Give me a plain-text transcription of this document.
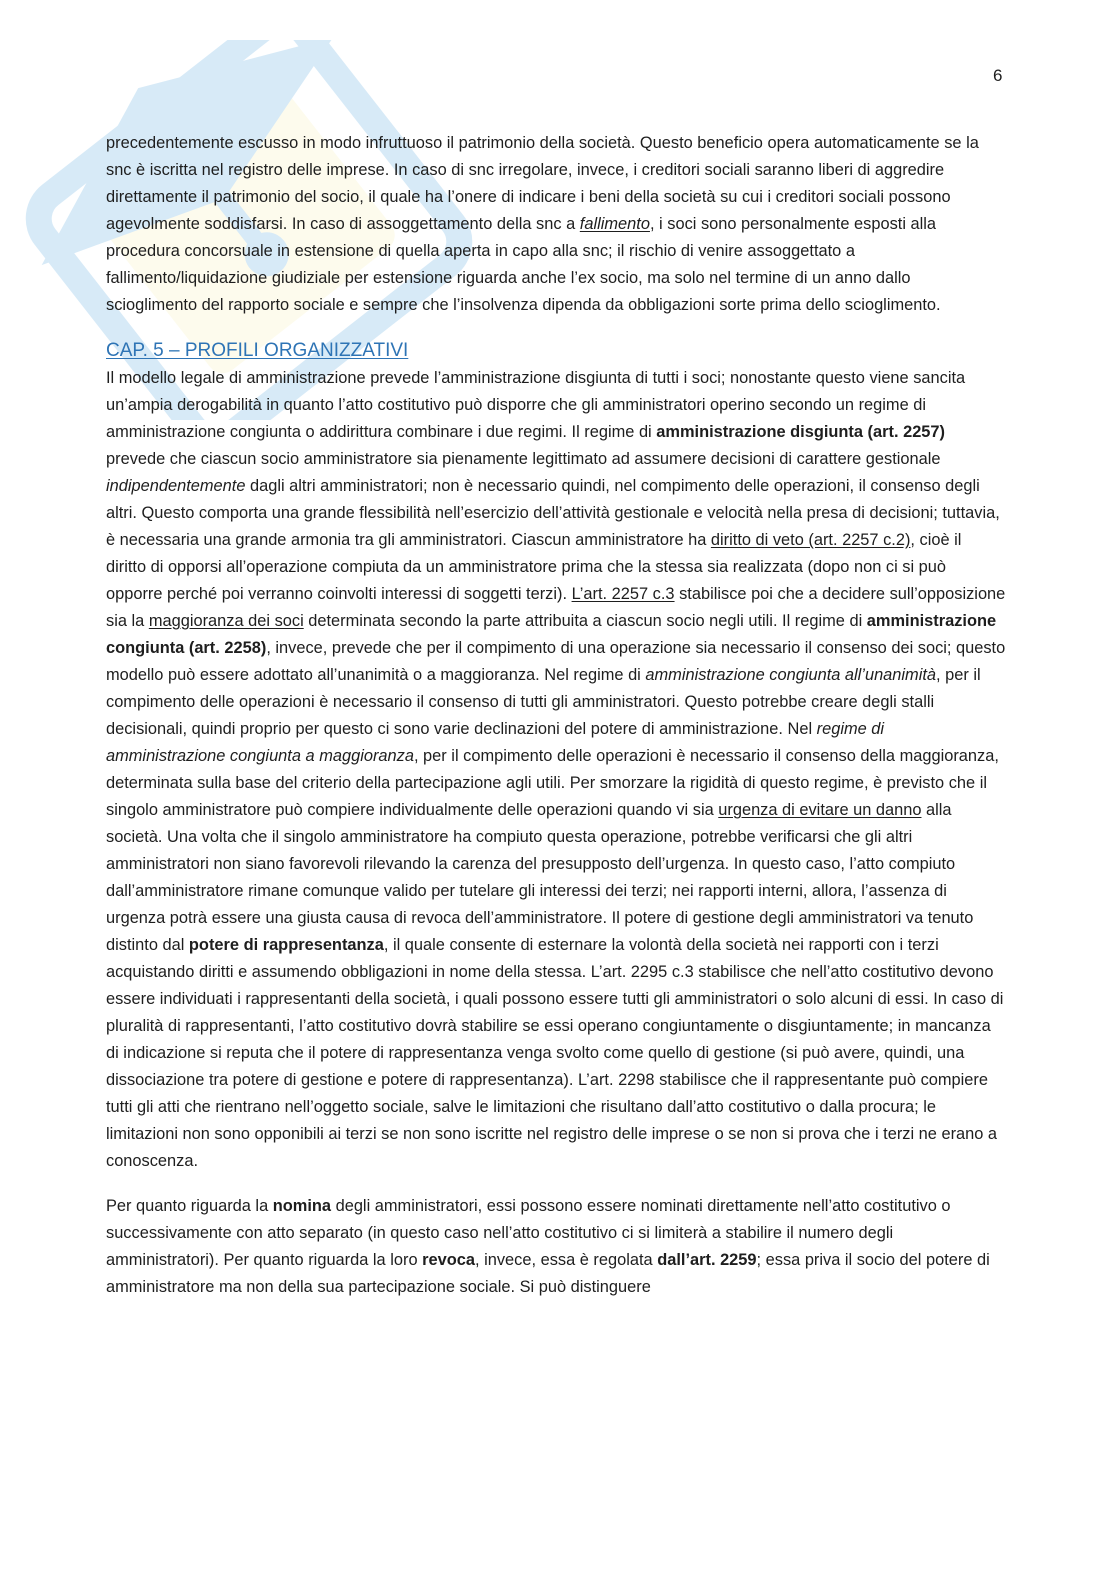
6

precedentemente escusso in modo infruttuoso il patrimonio della società. Questo beneficio opera automaticamente se la snc è iscritta nel registro delle imprese. In caso di snc irregolare, invece, i creditori sociali saranno liberi di aggredire direttamente il patrimonio del socio, il quale ha l’onere di indicare i beni della società su cui i creditori sociali possono agevolmente soddisfarsi. In caso di assoggettamento della snc a fallimento, i soci sono personalmente esposti alla procedura concorsuale in estensione di quella aperta in capo alla snc; il rischio di venire assoggettato a fallimento/liquidazione giudiziale per estensione riguarda anche l’ex socio, ma solo nel termine di un anno dallo scioglimento del rapporto sociale e sempre che l’insolvenza dipenda da obbligazioni sorte prima dello scioglimento.

CAP. 5 – PROFILI ORGANIZZATIVI

Il modello legale di amministrazione prevede l’amministrazione disgiunta di tutti i soci; nonostante questo viene sancita un’ampia derogabilità in quanto l’atto costitutivo può disporre che gli amministratori operino secondo un regime di amministrazione congiunta o addirittura combinare i due regimi. Il regime di amministrazione disgiunta (art. 2257) prevede che ciascun socio amministratore sia pienamente legittimato ad assumere decisioni di carattere gestionale indipendentemente dagli altri amministratori; non è necessario quindi, nel compimento delle operazioni, il consenso degli altri. Questo comporta una grande flessibilità nell’esercizio dell’attività gestionale e velocità nella presa di decisioni; tuttavia, è necessaria una grande armonia tra gli amministratori. Ciascun amministratore ha diritto di veto (art. 2257 c.2), cioè il diritto di opporsi all’operazione compiuta da un amministratore prima che la stessa sia realizzata (dopo non ci si può opporre perché poi verranno coinvolti interessi di soggetti terzi). L’art. 2257 c.3 stabilisce poi che a decidere sull’opposizione sia la maggioranza dei soci determinata secondo la parte attribuita a ciascun socio negli utili. Il regime di amministrazione congiunta (art. 2258), invece, prevede che per il compimento di una operazione sia necessario il consenso dei soci; questo modello può essere adottato all’unanimità o a maggioranza. Nel regime di amministrazione congiunta all’unanimità, per il compimento delle operazioni è necessario il consenso di tutti gli amministratori. Questo potrebbe creare degli stalli decisionali, quindi proprio per questo ci sono varie declinazioni del potere di amministrazione. Nel regime di amministrazione congiunta a maggioranza, per il compimento delle operazioni è necessario il consenso della maggioranza, determinata sulla base del criterio della partecipazione agli utili. Per smorzare la rigidità di questo regime, è previsto che il singolo amministratore può compiere individualmente delle operazioni quando vi sia urgenza di evitare un danno alla società. Una volta che il singolo amministratore ha compiuto questa operazione, potrebbe verificarsi che gli altri amministratori non siano favorevoli rilevando la carenza del presupposto dell’urgenza. In questo caso, l’atto compiuto dall’amministratore rimane comunque valido per tutelare gli interessi dei terzi; nei rapporti interni, allora, l’assenza di urgenza potrà essere una giusta causa di revoca dell’amministratore. Il potere di gestione degli amministratori va tenuto distinto dal potere di rappresentanza, il quale consente di esternare la volontà della società nei rapporti con i terzi acquistando diritti e assumendo obbligazioni in nome della stessa. L’art. 2295 c.3 stabilisce che nell’atto costitutivo devono essere individuati i rappresentanti della società, i quali possono essere tutti gli amministratori o solo alcuni di essi. In caso di pluralità di rappresentanti, l’atto costitutivo dovrà stabilire se essi operano congiuntamente o disgiuntamente; in mancanza di indicazione si reputa che il potere di rappresentanza venga svolto come quello di gestione (si può avere, quindi, una dissociazione tra potere di gestione e potere di rappresentanza). L’art. 2298 stabilisce che il rappresentante può compiere tutti gli atti che rientrano nell’oggetto sociale, salve le limitazioni che risultano dall’atto costitutivo o dalla procura; le limitazioni non sono opponibili ai terzi se non sono iscritte nel registro delle imprese o se non si prova che i terzi ne erano a conoscenza.

Per quanto riguarda la nomina degli amministratori, essi possono essere nominati direttamente nell’atto costitutivo o successivamente con atto separato (in questo caso nell’atto costitutivo ci si limiterà a stabilire il numero degli amministratori). Per quanto riguarda la loro revoca, invece, essa è regolata dall’art. 2259; essa priva il socio del potere di amministratore ma non della sua partecipazione sociale. Si può distinguere
